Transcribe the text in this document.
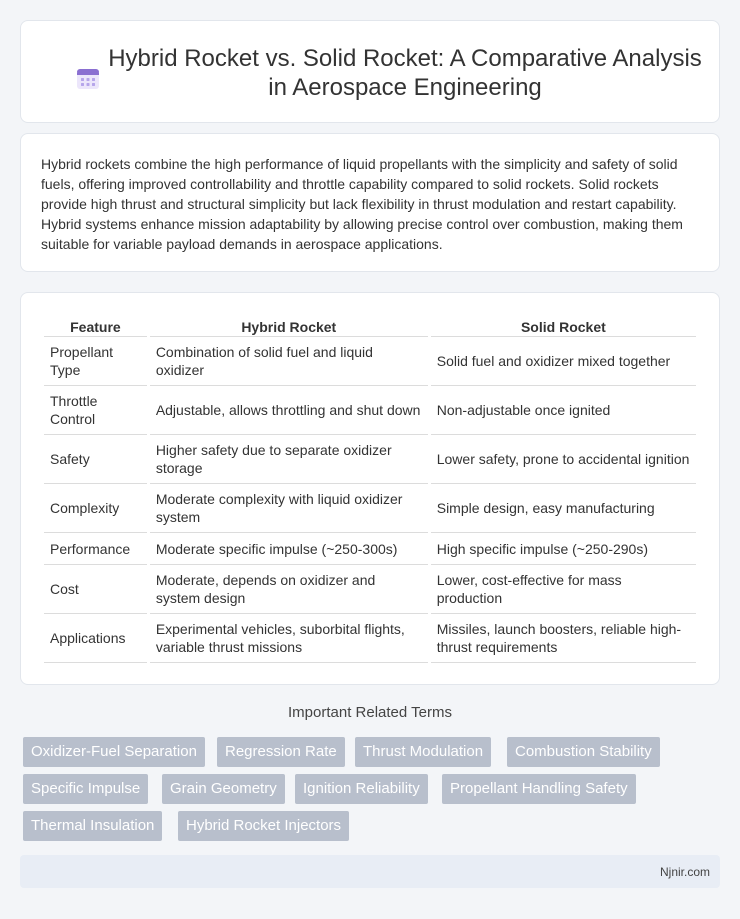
Hybrid Rocket vs. Solid Rocket: A Comparative Analysis in Aerospace Engineering

Hybrid rockets combine the high performance of liquid propellants with the simplicity and safety of solid fuels, offering improved controllability and throttle capability compared to solid rockets. Solid rockets provide high thrust and structural simplicity but lack flexibility in thrust modulation and restart capability. Hybrid systems enhance mission adaptability by allowing precise control over combustion, making them suitable for variable payload demands in aerospace applications.

Feature	Hybrid Rocket	Solid Rocket
Propellant Type	Combination of solid fuel and liquid oxidizer	Solid fuel and oxidizer mixed together
Throttle Control	Adjustable, allows throttling and shut down	Non-adjustable once ignited
Safety	Higher safety due to separate oxidizer storage	Lower safety, prone to accidental ignition
Complexity	Moderate complexity with liquid oxidizer system	Simple design, easy manufacturing
Performance	Moderate specific impulse (~250-300s)	High specific impulse (~250-290s)
Cost	Moderate, depends on oxidizer and system design	Lower, cost-effective for mass production
Applications	Experimental vehicles, suborbital flights, variable thrust missions	Missiles, launch boosters, reliable high-thrust requirements
Important Related Terms
Oxidizer-Fuel Separation	Regression Rate	Thrust Modulation	Combustion Stability
Specific Impulse	Grain Geometry	Ignition Reliability	Propellant Handling Safety
Thermal Insulation	Hybrid Rocket Injectors
Njnir.com
